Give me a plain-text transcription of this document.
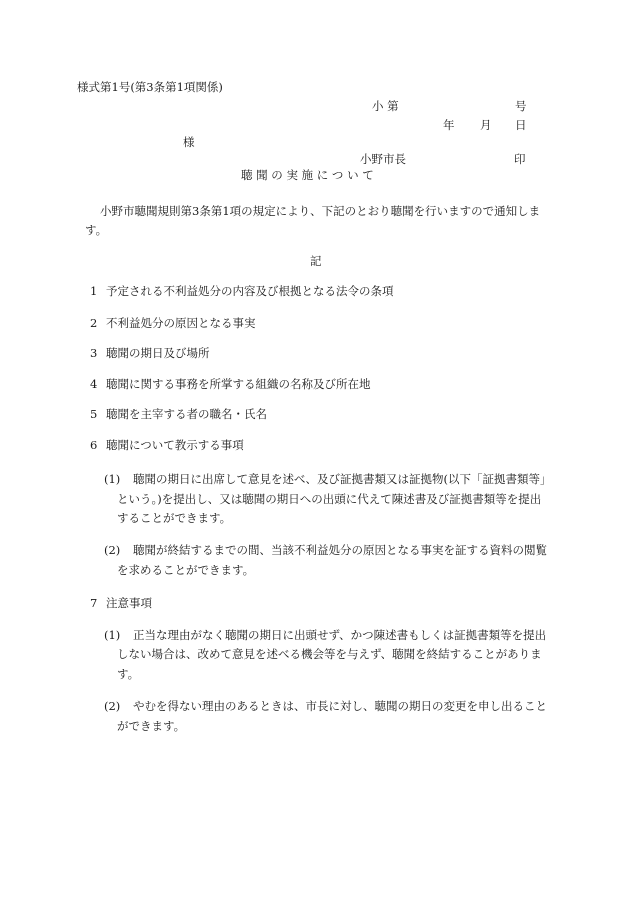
様式第1号(第3条第1項関係)
小 第	号
年 月 日
様
小野市長	印
聴 聞 の 実 施 に つ い て
小野市聴聞規則第3条第1項の規定により、下記のとおり聴聞を行いますので通知しま
す。
記
1 予定される不利益処分の内容及び根拠となる法令の条項
2 不利益処分の原因となる事実
3 聴聞の期日及び場所
4 聴聞に関する事務を所掌する組織の名称及び所在地
5 聴聞を主宰する者の職名・氏名
6 聴聞について教示する事項
(1) 聴聞の期日に出席して意見を述べ、及び証拠書類又は証拠物(以下「証拠書類等」
という。)を提出し、又は聴聞の期日への出頭に代えて陳述書及び証拠書類等を提出
することができます。
(2) 聴聞が終結するまでの間、当該不利益処分の原因となる事実を証する資料の閲覧
を求めることができます。
7 注意事項
(1) 正当な理由がなく聴聞の期日に出頭せず、かつ陳述書もしくは証拠書類等を提出
しない場合は、改めて意見を述べる機会等を与えず、聴聞を終結することがありま
す。
(2) やむを得ない理由のあるときは、市長に対し、聴聞の期日の変更を申し出ること
ができます。
